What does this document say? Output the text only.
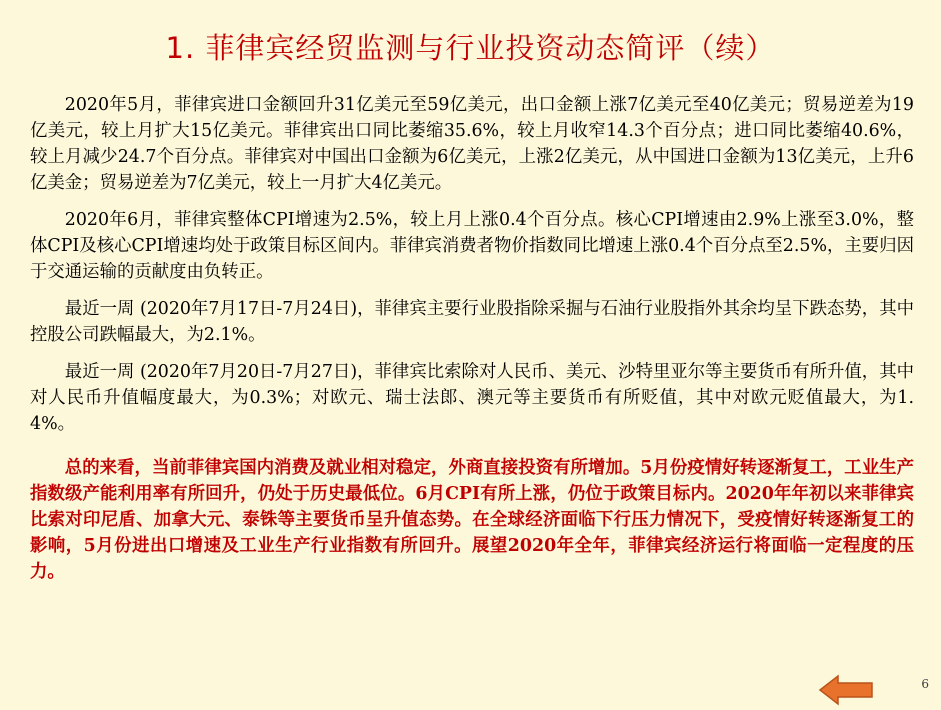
1. 菲律宾经贸监测与行业投资动态简评（续）

2020年5月，菲律宾进口金额回升31亿美元至59亿美元，出口金额上涨7亿美元至40亿美元；贸易逆差为19亿美元，较上月扩大15亿美元。菲律宾出口同比萎缩35.6%，较上月收窄14.3个百分点；进口同比萎缩40.6%，较上月减少24.7个百分点。菲律宾对中国出口金额为6亿美元，上涨2亿美元，从中国进口金额为13亿美元，上升6亿美金；贸易逆差为7亿美元，较上一月扩大4亿美元。

2020年6月，菲律宾整体CPI增速为2.5%，较上月上涨0.4个百分点。核心CPI增速由2.9%上涨至3.0%，整体CPI及核心CPI增速均处于政策目标区间内。菲律宾消费者物价指数同比增速上涨0.4个百分点至2.5%，主要归因于交通运输的贡献度由负转正。

最近一周 (2020年7月17日-7月24日)，菲律宾主要行业股指除采掘与石油行业股指外其余均呈下跌态势，其中控股公司跌幅最大，为2.1%。

最近一周 (2020年7月20日-7月27日)，菲律宾比索除对人民币、美元、沙特里亚尔等主要货币有所升值，其中对人民币升值幅度最大，为0.3%；对欧元、瑞士法郎、澳元等主要货币有所贬值，其中对欧元贬值最大，为1.4%。

总的来看，当前菲律宾国内消费及就业相对稳定，外商直接投资有所增加。5月份疫情好转逐渐复工，工业生产指数级产能利用率有所回升，仍处于历史最低位。6月CPI有所上涨，仍位于政策目标内。2020年年初以来菲律宾比索对印尼盾、加拿大元、泰铢等主要货币呈升值态势。在全球经济面临下行压力情况下，受疫情好转逐渐复工的影响，5月份进出口增速及工业生产行业指数有所回升。展望2020年全年，菲律宾经济运行将面临一定程度的压力。

6
